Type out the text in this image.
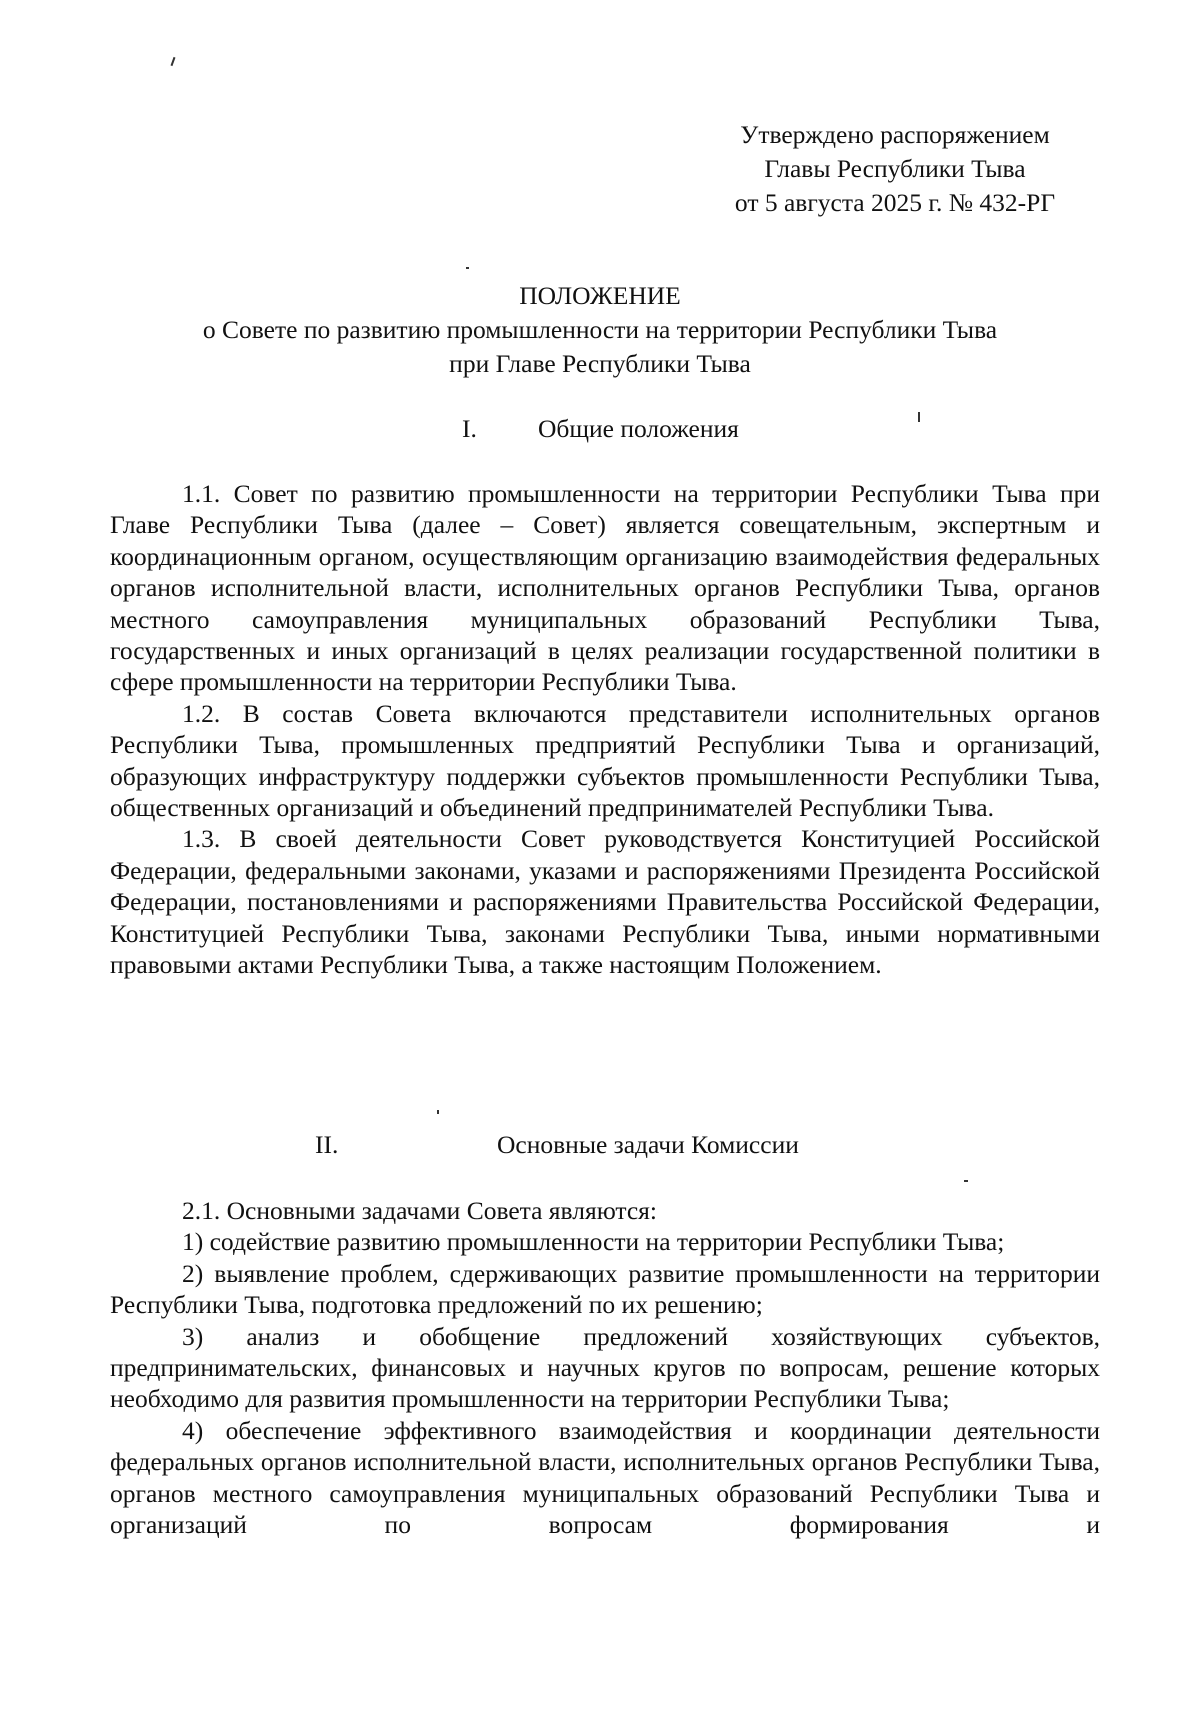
Утверждено распоряжением
Главы Республики Тыва
от 5 августа 2025 г. № 432-РГ
ПОЛОЖЕНИЕ
о Совете по развитию промышленности на территории Республики Тыва
при Главе Республики Тыва
I. Общие положения

1.1. Совет по развитию промышленности на территории Республики Тыва при Главе Республики Тыва (далее – Совет) является совещательным, экспертным и координационным органом, осуществляющим организацию взаимодействия федеральных органов исполнительной власти, исполнительных органов Республики Тыва, органов местного самоуправления муниципальных образований Республики Тыва, государственных и иных организаций в целях реализации государственной политики в сфере промышленности на территории Республики Тыва.

1.2. В состав Совета включаются представители исполнительных органов Республики Тыва, промышленных предприятий Республики Тыва и организаций, образующих инфраструктуру поддержки субъектов промышленности Республики Тыва, общественных организаций и объединений предпринимателей Республики Тыва.

1.3. В своей деятельности Совет руководствуется Конституцией Российской Федерации, федеральными законами, указами и распоряжениями Президента Российской Федерации, постановлениями и распоряжениями Правительства Российской Федерации, Конституцией Республики Тыва, законами Республики Тыва, иными нормативными правовыми актами Республики Тыва, а также настоящим Положением.

II.	Основные задачи Комиссии

2.1. Основными задачами Совета являются:

1) содействие развитию промышленности на территории Республики Тыва;

2) выявление проблем, сдерживающих развитие промышленности на территории Республики Тыва, подготовка предложений по их решению;

3) анализ и обобщение предложений хозяйствующих субъектов, предпринимательских, финансовых и научных кругов по вопросам, решение которых необходимо для развития промышленности на территории Республики Тыва;

4) обеспечение эффективного взаимодействия и координации деятельности федеральных органов исполнительной власти, исполнительных органов Республики Тыва, органов местного самоуправления муниципальных образований Республики Тыва и организаций по вопросам формирования и
